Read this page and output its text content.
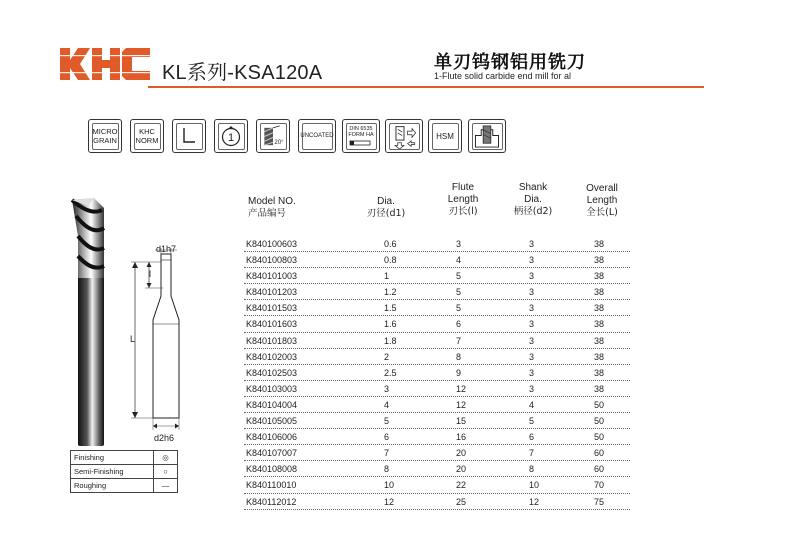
KL系列-KSA120A	单刃钨钢铝用铣刀
1-Flute solid carbide end mill for al
MICRO
GRAIN
KHC
NORM	1	20°
UNCOATED
DIN 6535
FORM HA	HSM
d1h7
l
L
d2h6
Finishing	◎
Semi-Finishing	○
Roughing	—
Model NO.
产品编号
Dia.
刃径(d1)
Flute
Length
刃长(l)
Shank
Dia.
柄径(d2)
Overall
Length
全长(L)
K840100603	0.6	3	3	38
K840100803	0.8	4	3	38
K840101003	1	5	3	38
K840101203	1.2	5	3	38
K840101503	1.5	5	3	38
K840101603	1.6	6	3	38
K840101803	1.8	7	3	38
K840102003	2	8	3	38
K840102503	2.5	9	3	38
K840103003	3	12	3	38
K840104004	4	12	4	50
K840105005	5	15	5	50
K840106006	6	16	6	50
K840107007	7	20	7	60
K840108008	8	20	8	60
K840110010	10	22	10	70
K840112012	12	25	12	75
